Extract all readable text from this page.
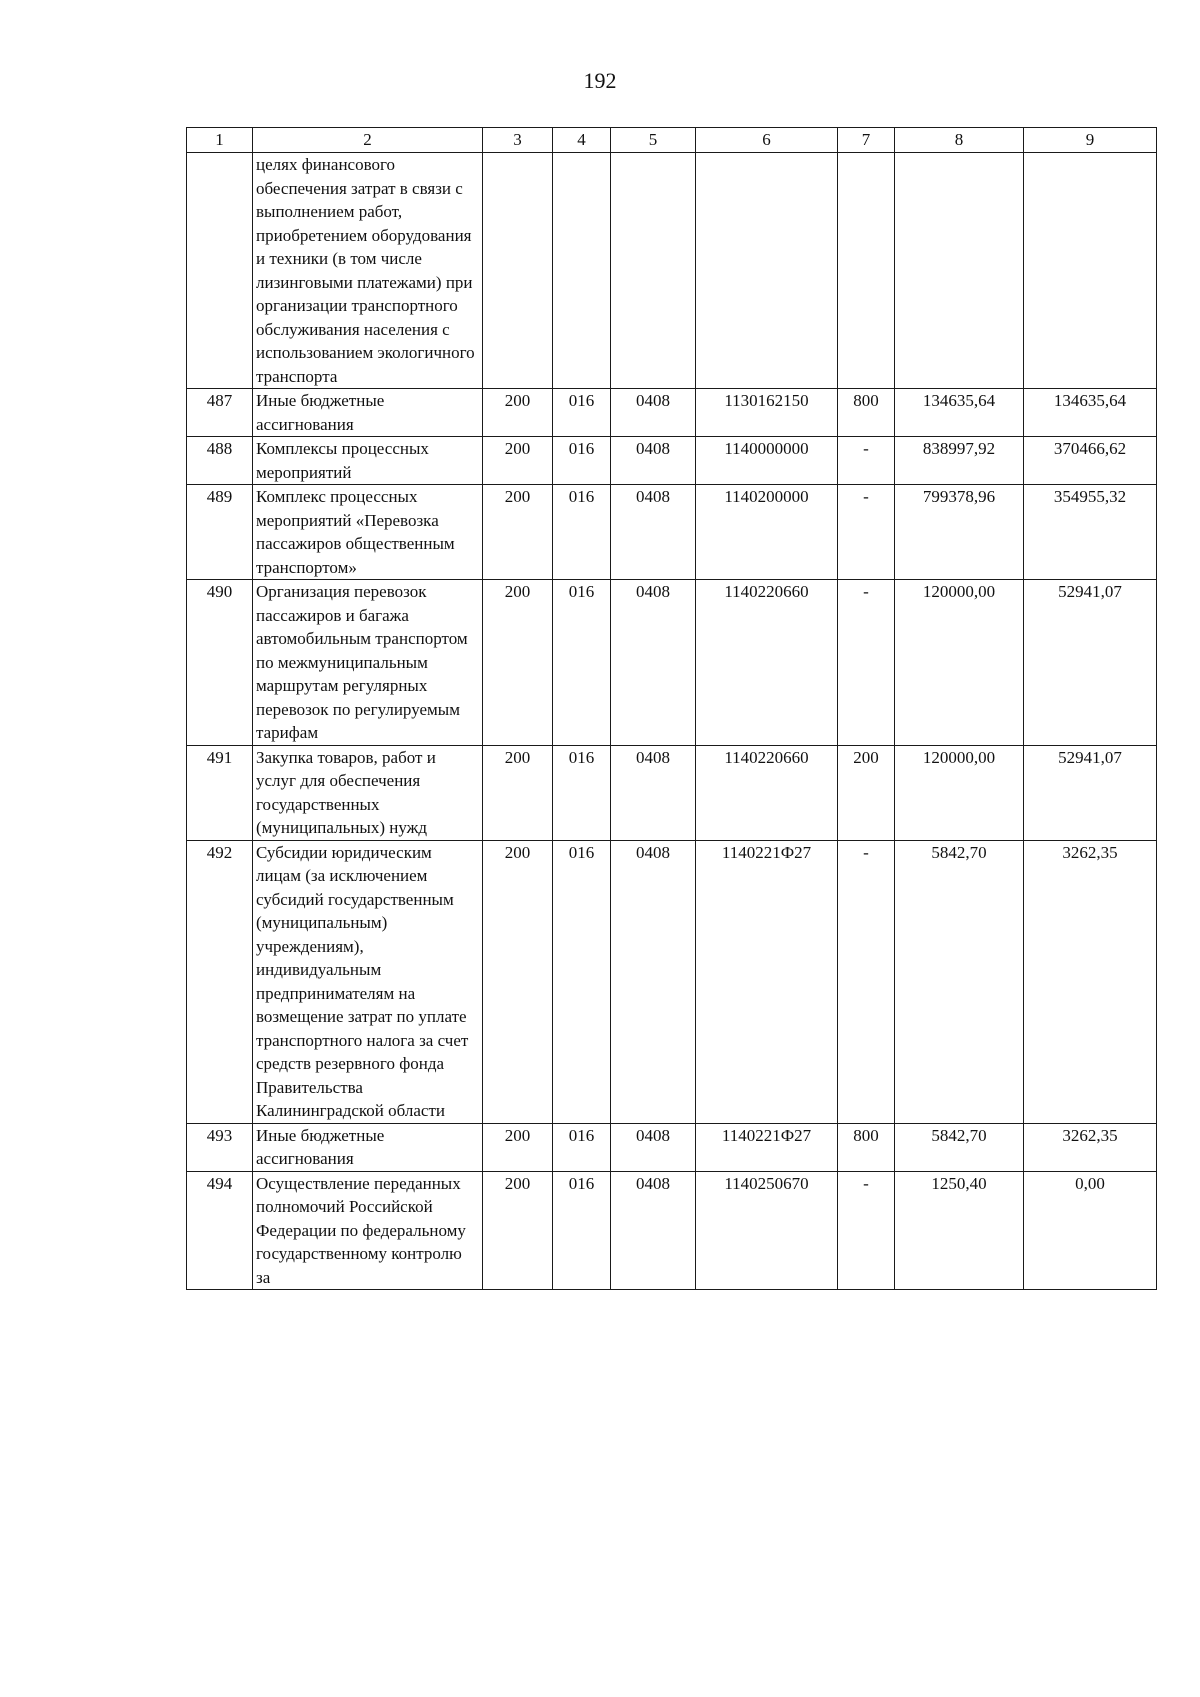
192
1	2	3	4	5	6	7	8	9
	целях финансового обеспечения затрат в связи с выполнением работ, приобретением оборудования и техники (в том числе лизинговыми платежами) при организации транспортного обслуживания населения с использованием экологичного транспорта							
487	Иные бюджетные ассигнования	200	016	0408	1130162150	800	134635,64	134635,64
488	Комплексы процессных мероприятий	200	016	0408	1140000000	-	838997,92	370466,62
489	Комплекс процессных мероприятий «Перевозка пассажиров общественным транспортом»	200	016	0408	1140200000	-	799378,96	354955,32
490	Организация перевозок пассажиров и багажа автомобильным транспортом по межмуниципальным маршрутам регулярных перевозок по регулируемым тарифам	200	016	0408	1140220660	-	120000,00	52941,07
491	Закупка товаров, работ и услуг для обеспечения государственных (муниципальных) нужд	200	016	0408	1140220660	200	120000,00	52941,07
492	Субсидии юридическим лицам (за исключением субсидий государственным (муниципальным) учреждениям), индивидуальным предпринимателям на возмещение затрат по уплате транспортного налога за счет средств резервного фонда Правительства Калининградской области	200	016	0408	1140221Ф27	-	5842,70	3262,35
493	Иные бюджетные ассигнования	200	016	0408	1140221Ф27	800	5842,70	3262,35
494	Осуществление переданных полномочий Российской Федерации по федеральному государственному контролю за	200	016	0408	1140250670	-	1250,40	0,00
